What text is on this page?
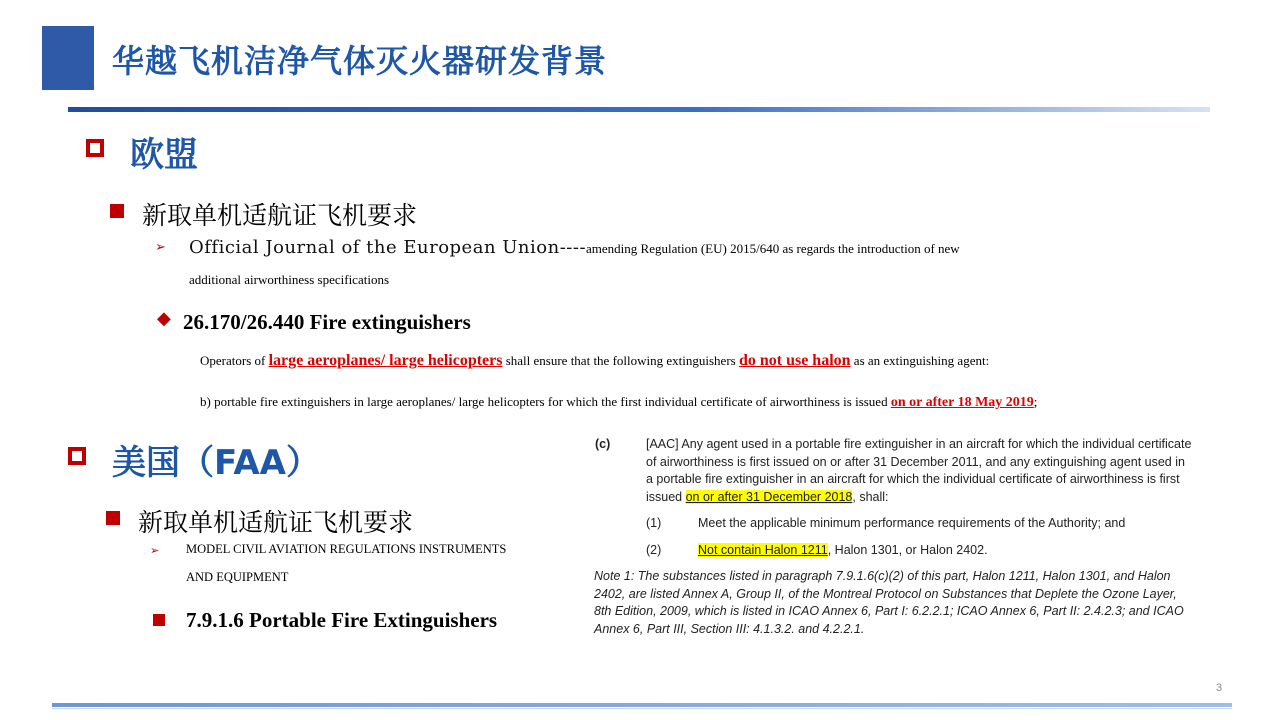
华越飞机洁净气体灭火器研发背景
欧盟
新取单机适航证飞机要求
➢ Official Journal of the European Union----amending Regulation (EU) 2015/640 as regards the introduction of new
additional airworthiness specifications
◆ 26.170/26.440 Fire extinguishers
Operators of large aeroplanes/ large helicopters shall ensure that the following extinguishers do not use halon as an extinguishing agent:
b) portable fire extinguishers in large aeroplanes/ large helicopters for which the first individual certificate of airworthiness is issued on or after 18 May 2019;
美国（FAA）
新取单机适航证飞机要求
➢ MODEL CIVIL AVIATION REGULATIONS INSTRUMENTS
AND EQUIPMENT
7.9.1.6 Portable Fire Extinguishers
(c)	[AAC] Any agent used in a portable fire extinguisher in an aircraft for which the individual certificate
of airworthiness is first issued on or after 31 December 2011, and any extinguishing agent used in
a portable fire extinguisher in an aircraft for which the individual certificate of airworthiness is first
issued on or after 31 December 2018, shall:
(1)	Meet the applicable minimum performance requirements of the Authority; and
(2)	Not contain Halon 1211, Halon 1301, or Halon 2402.
Note 1: The substances listed in paragraph 7.9.1.6(c)(2) of this part, Halon 1211, Halon 1301, and Halon
2402, are listed Annex A, Group II, of the Montreal Protocol on Substances that Deplete the Ozone Layer,
8th Edition, 2009, which is listed in ICAO Annex 6, Part I: 6.2.2.1; ICAO Annex 6, Part II: 2.4.2.3; and ICAO
Annex 6, Part III, Section III: 4.1.3.2. and 4.2.2.1.
3
